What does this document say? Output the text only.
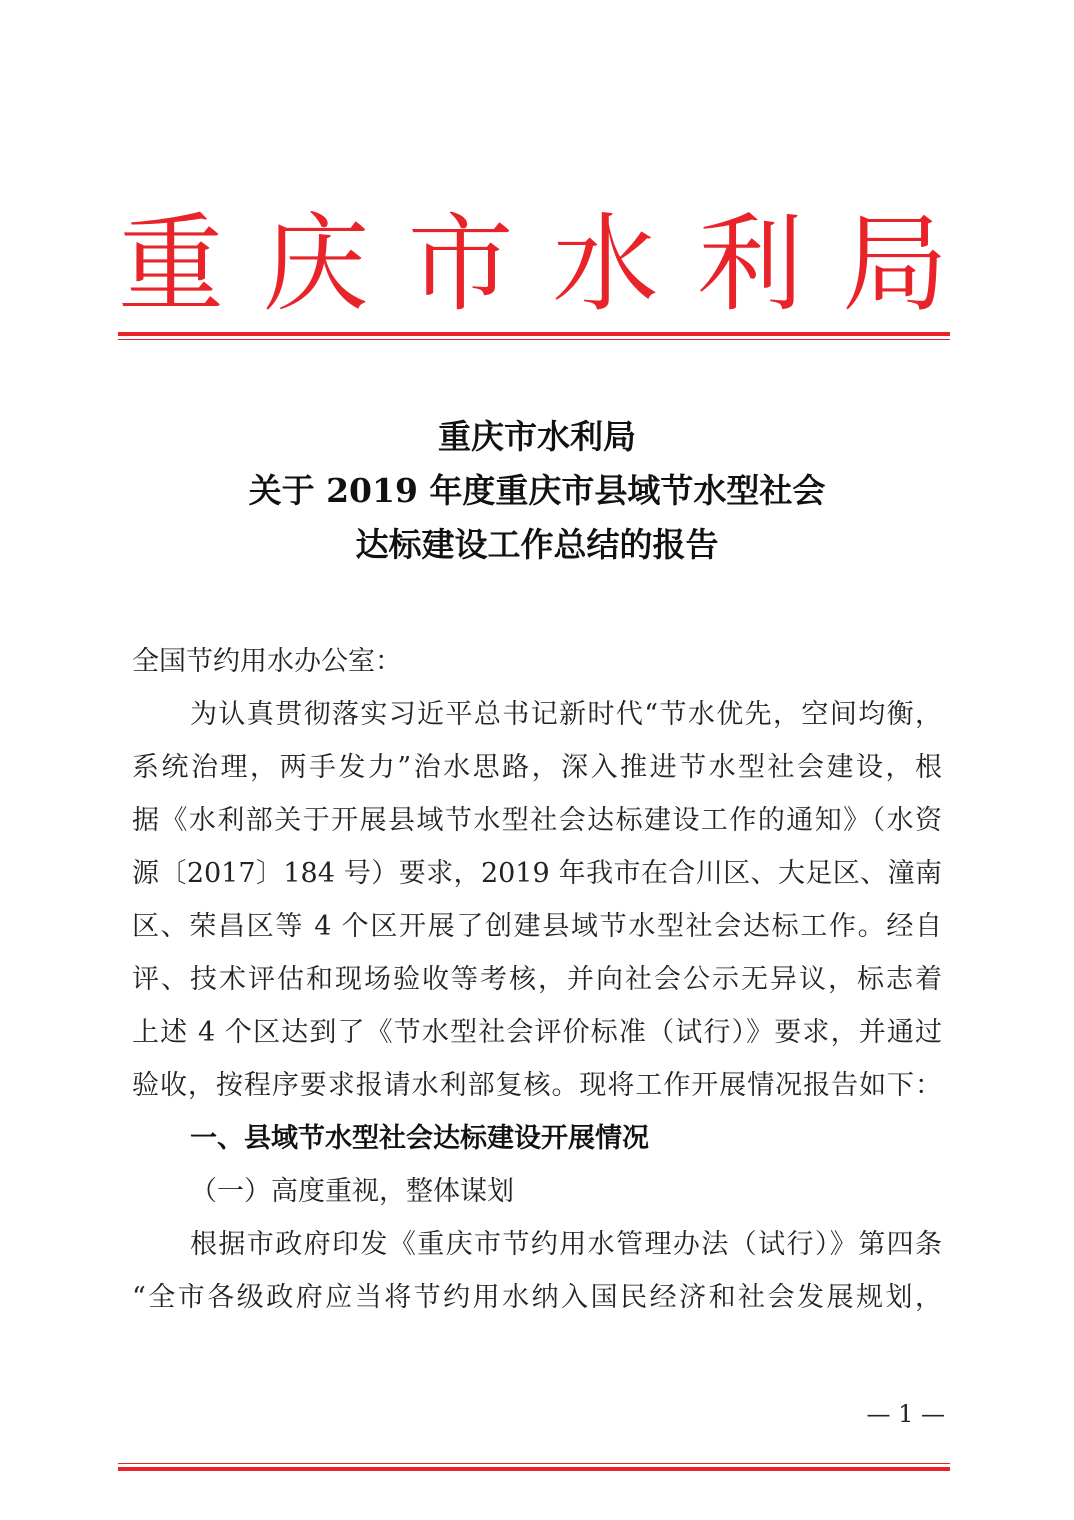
重 庆 市 水 利 局
重庆市水利局
关于 2019 年度重庆市县域节水型社会
达标建设工作总结的报告
全国节约用水办公室：
为认真贯彻落实习近平总书记新时代“节水优先，空间均衡，
系统治理，两手发力”治水思路，深入推进节水型社会建设，根
据《水利部关于开展县域节水型社会达标建设工作的通知》（水资
源〔2017〕184 号）要求，2019 年我市在合川区、大足区、潼南
区、荣昌区等 4 个区开展了创建县域节水型社会达标工作。经自
评、技术评估和现场验收等考核，并向社会公示无异议，标志着
上述 4 个区达到了《节水型社会评价标准（试行）》要求，并通过
验收，按程序要求报请水利部复核。现将工作开展情况报告如下：
一、县域节水型社会达标建设开展情况
（一）高度重视，整体谋划
根据市政府印发《重庆市节约用水管理办法（试行）》第四条
“全市各级政府应当将节约用水纳入国民经济和社会发展规划，
— 1 —
